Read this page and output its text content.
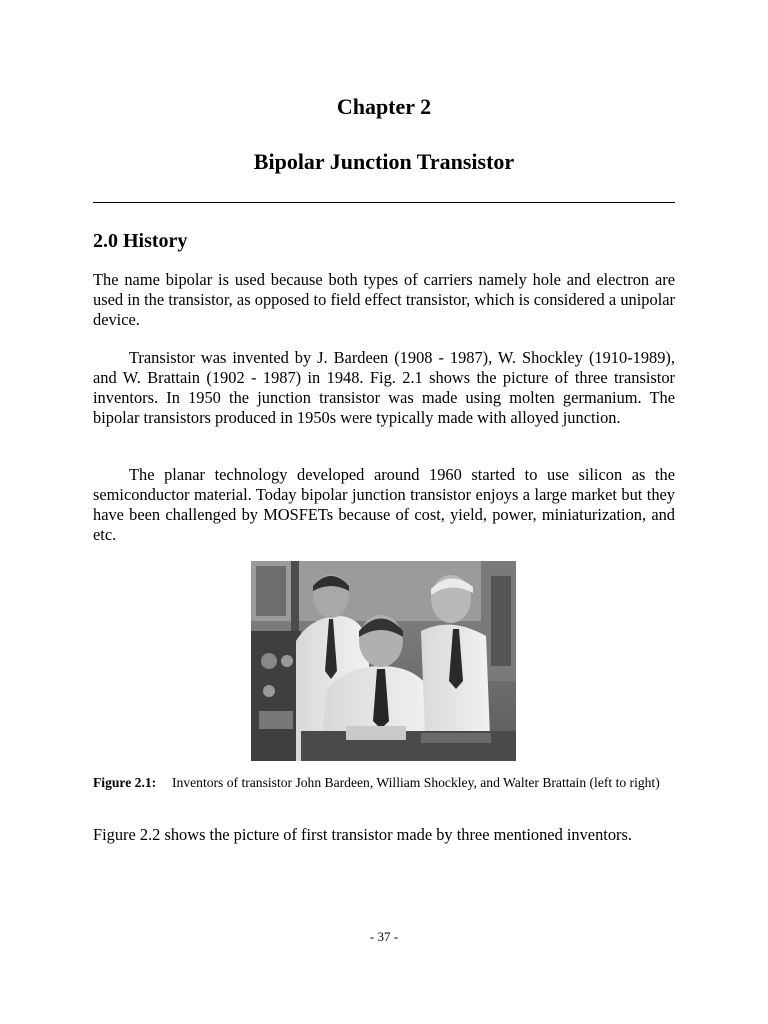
Chapter 2
Bipolar Junction Transistor
2.0 History

The name bipolar is used because both types of carriers namely hole and electron are used in the transistor, as opposed to field effect transistor, which is considered a unipolar device.

Transistor was invented by J. Bardeen (1908 - 1987), W. Shockley (1910-1989), and W. Brattain (1902 - 1987) in 1948. Fig. 2.1 shows the picture of three transistor inventors. In 1950 the junction transistor was made using molten germanium. The bipolar transistors produced in 1950s were typically made with alloyed junction.

The planar technology developed around 1960 started to use silicon as the semiconductor material. Today bipolar junction transistor enjoys a large market but they have been challenged by MOSFETs because of cost, yield, power, miniaturization, and etc.

Figure 2.1: Inventors of transistor John Bardeen, William Shockley, and Walter Brattain (left to right)

Figure 2.2 shows the picture of first transistor made by three mentioned inventors.

- 37 -
